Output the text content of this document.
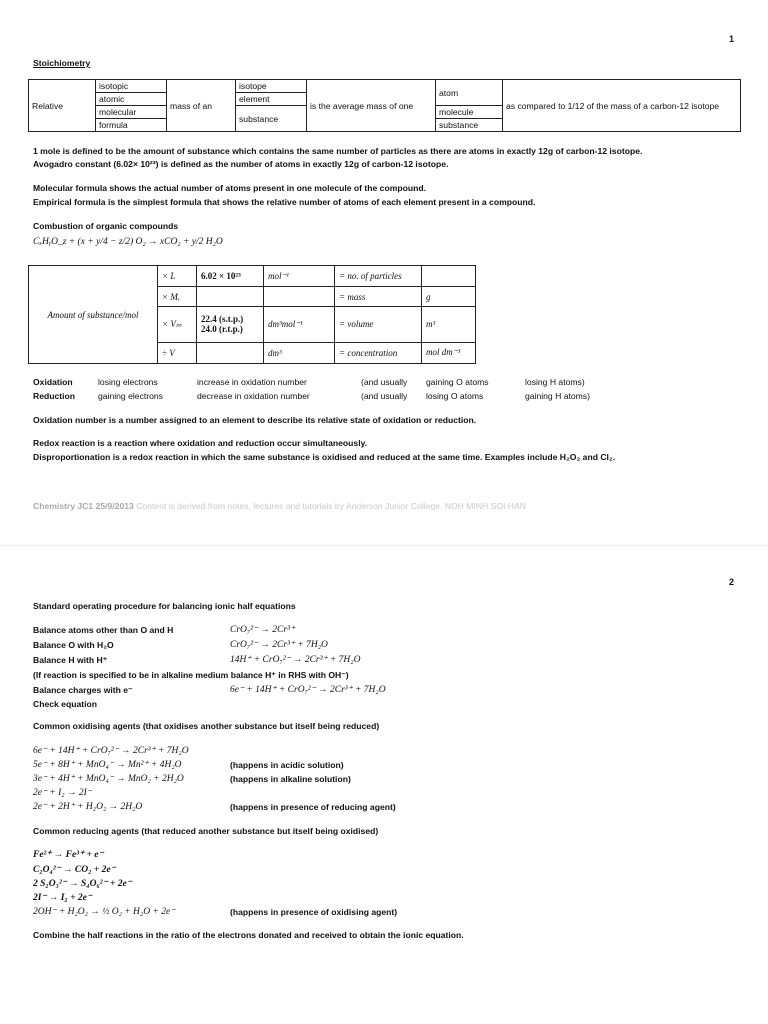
1
Stoichiometry
Relative	isotopic	mass of an	isotope	is the average mass of one	atom	as compared to 1/12 of the mass of a carbon-12 isotope
	atomic		element			
	molecular		substance		molecule	
	formula				substance	
1 mole is defined to be the amount of substance which contains the same number of particles as there are atoms in exactly 12g of carbon-12 isotope.
Avogadro constant (6.02× 10²³) is defined as the number of atoms in exactly 12g of carbon-12 isotope.
Molecular formula shows the actual number of atoms present in one molecule of the compound.
Empirical formula is the simplest formula that shows the relative number of atoms of each element present in a compound.
Combustion of organic compounds
CₓHᵧO_z + (x + y/4 − z/2) O₂ → xCO₂ + y/2 H₂O
Amount of substance/mol	× L	6.02 × 10²³	mol⁻¹	= no. of particles	
	× Mᵣ			= mass	g
	× Vₘ	22.4 (s.t.p.)
24.0 (r.t.p.)	dm³mol⁻¹	= volume	m³
	÷ V		dm³	= concentration	mol dm⁻³
Oxidation	losing electrons	increase in oxidation number	(and usually gaining O atoms	losing H atoms)
Reduction	gaining electrons	decrease in oxidation number	(and usually losing O atoms	gaining H atoms)
Oxidation number is a number assigned to an element to describe its relative state of oxidation or reduction.
Redox reaction is a reaction where oxidation and reduction occur simultaneously.
Disproportionation is a redox reaction in which the same substance is oxidised and reduced at the same time. Examples include H₂O₂ and Cl₂.
Chemistry JC1 25/9/2013 Content is derived from notes, lectures and tutorials by Anderson Junior College. NOH MINH SOI HAN
2
Standard operating procedure for balancing ionic half equations
Balance atoms other than O and H	CrO₇²⁻ → 2Cr³⁺
Balance O with H₂O	CrO₇²⁻ → 2Cr³⁺ + 7H₂O
Balance H with H⁺	14H⁺ + CrO₇²⁻ → 2Cr³⁺ + 7H₂O
(If reaction is specified to be in alkaline medium balance H⁺ in RHS with OH⁻)
Balance charges with e⁻	6e⁻ + 14H⁺ + CrO₇²⁻ → 2Cr³⁺ + 7H₂O
Check equation
Common oxidising agents (that oxidises another substance but itself being reduced)
6e⁻ + 14H⁺ + CrO₇²⁻ → 2Cr³⁺ + 7H₂O
5e⁻ + 8H⁺ + MnO₄⁻ → Mn²⁺ + 4H₂O	(happens in acidic solution)
3e⁻ + 4H⁺ + MnO₄⁻ → MnO₂ + 2H₂O	(happens in alkaline solution)
2e⁻ + I₂ → 2I⁻
2e⁻ + 2H⁺ + H₂O₂ → 2H₂O	(happens in presence of reducing agent)
Common reducing agents (that reduced another substance but itself being oxidised)
Fe²⁺ → Fe³⁺ + e⁻
C₂O₄²⁻ → CO₂ + 2e⁻
2 S₂O₃²⁻ → S₄O₆²⁻ + 2e⁻
2I⁻ → I₂ + 2e⁻
2OH⁻ + H₂O₂ → ½ O₂ + H₂O + 2e⁻	(happens in presence of oxidising agent)
Combine the half reactions in the ratio of the electrons donated and received to obtain the ionic equation.
